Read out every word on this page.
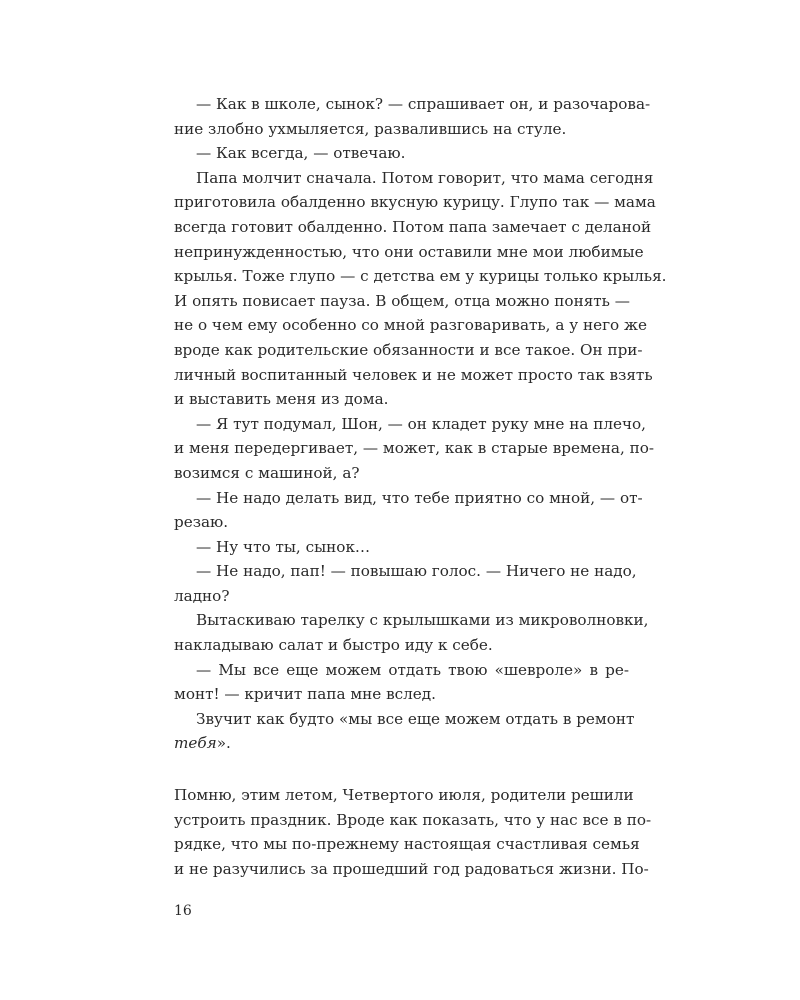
— Как в школе, сынок? — спрашивает он, и разочарова-
ние злобно ухмыляется, развалившись на стуле.
— Как всегда, — отвечаю.
Папа молчит сначала. Потом говорит, что мама сегодня
приготовила обалденно вкусную курицу. Глупо так — мама
всегда готовит обалденно. Потом папа замечает с деланой
непринужденностью, что они оставили мне мои любимые
крылья. Тоже глупо — с детства ем у курицы только крылья.
И опять повисает пауза. В общем, отца можно понять —
не о чем ему особенно со мной разговаривать, а у него же
вроде как родительские обязанности и все такое. Он при-
личный воспитанный человек и не может просто так взять
и выставить меня из дома.
— Я тут подумал, Шон, — он кладет руку мне на плечо,
и меня передергивает, — может, как в старые времена, по-
возимся с машиной, а?
— Не надо делать вид, что тебе приятно со мной, — от-
резаю.
— Ну что ты, сынок…
— Не надо, пап! — повышаю голос. — Ничего не надо,
ладно?
Вытаскиваю тарелку с крылышками из микроволновки,
накладываю салат и быстро иду к себе.
— Мы все еще можем отдать твою «шевроле» в ре-
монт! — кричит папа мне вслед.
Звучит как будто «мы все еще можем отдать в ремонт
тебя».
Помню, этим летом, Четвертого июля, родители решили
устроить праздник. Вроде как показать, что у нас все в по-
рядке, что мы по-прежнему настоящая счастливая семья
и не разучились за прошедший год радоваться жизни. По-
16
